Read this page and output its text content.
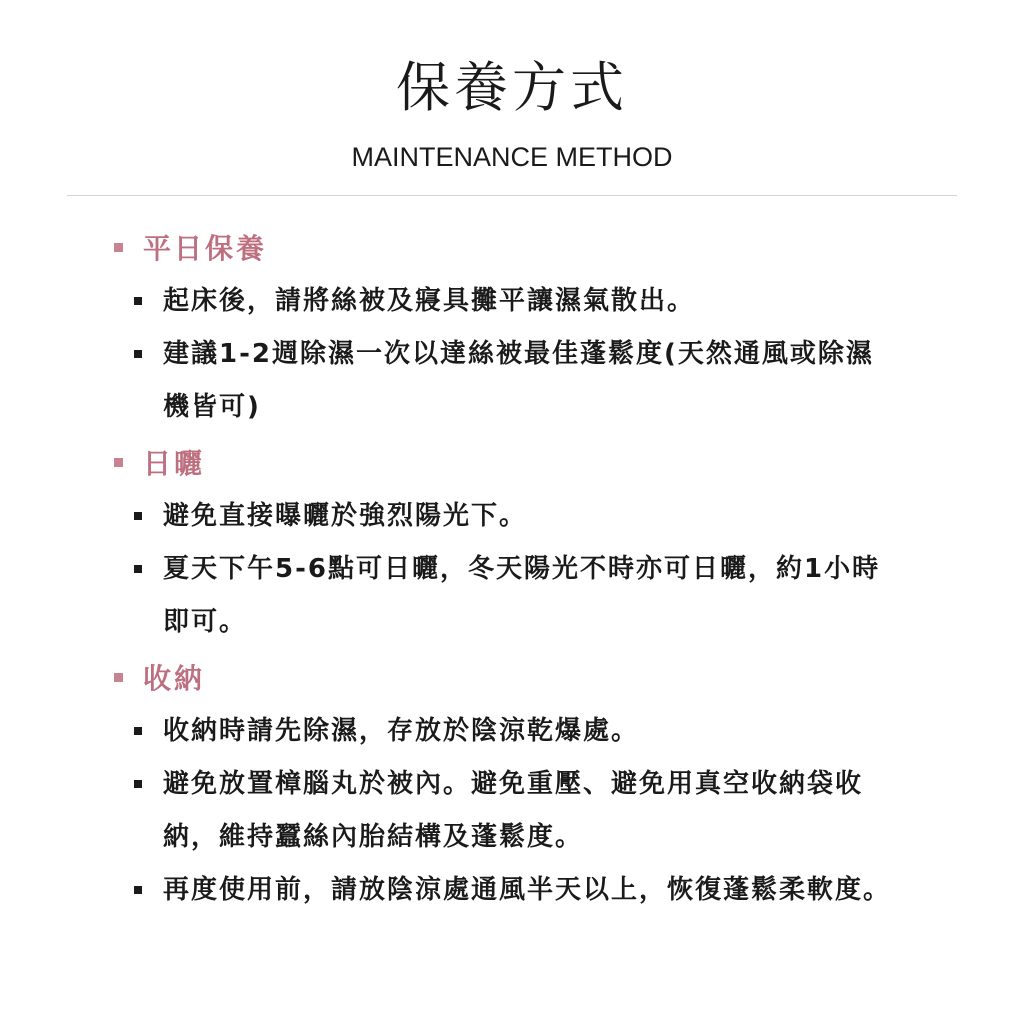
保養方式
MAINTENANCE METHOD
平日保養
起床後，請將絲被及寢具攤平讓濕氣散出。
建議1-2週除濕一次以達絲被最佳蓬鬆度(天然通風或除濕機皆可)
日曬
避免直接曝曬於強烈陽光下。
夏天下午5-6點可日曬，冬天陽光不時亦可日曬，約1小時即可。
收納
收納時請先除濕，存放於陰涼乾爆處。
避免放置樟腦丸於被內。避免重壓、避免用真空收納袋收納，維持蠶絲內胎結構及蓬鬆度。
再度使用前，請放陰涼處通風半天以上，恢復蓬鬆柔軟度。
